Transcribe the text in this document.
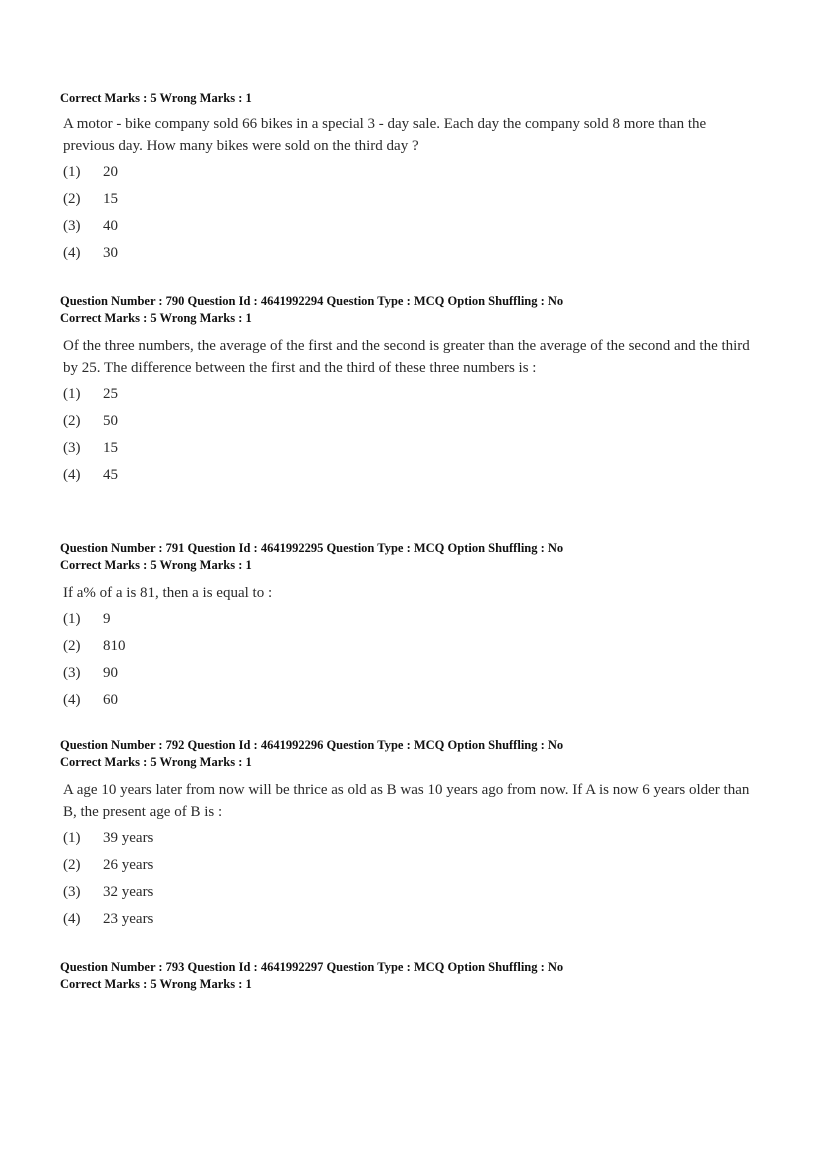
Correct Marks : 5 Wrong Marks : 1
A motor - bike company sold 66 bikes in a special 3 - day sale. Each day the company sold 8 more than the previous day. How many bikes were sold on the third day ?
(1)	20
(2)	15
(3)	40
(4)	30
Question Number : 790 Question Id : 4641992294 Question Type : MCQ Option Shuffling : No
Correct Marks : 5 Wrong Marks : 1
Of the three numbers, the average of the first and the second is greater than the average of the second and the third by 25. The difference between the first and the third of these three numbers is :
(1)	25
(2)	50
(3)	15
(4)	45
Question Number : 791 Question Id : 4641992295 Question Type : MCQ Option Shuffling : No
Correct Marks : 5 Wrong Marks : 1
If a% of a is 81, then a is equal to :
(1)	9
(2)	810
(3)	90
(4)	60
Question Number : 792 Question Id : 4641992296 Question Type : MCQ Option Shuffling : No
Correct Marks : 5 Wrong Marks : 1
A age 10 years later from now will be thrice as old as B was 10 years ago from now. If A is now 6 years older than B, the present age of B is :
(1)	39 years
(2)	26 years
(3)	32 years
(4)	23 years
Question Number : 793 Question Id : 4641992297 Question Type : MCQ Option Shuffling : No
Correct Marks : 5 Wrong Marks : 1
